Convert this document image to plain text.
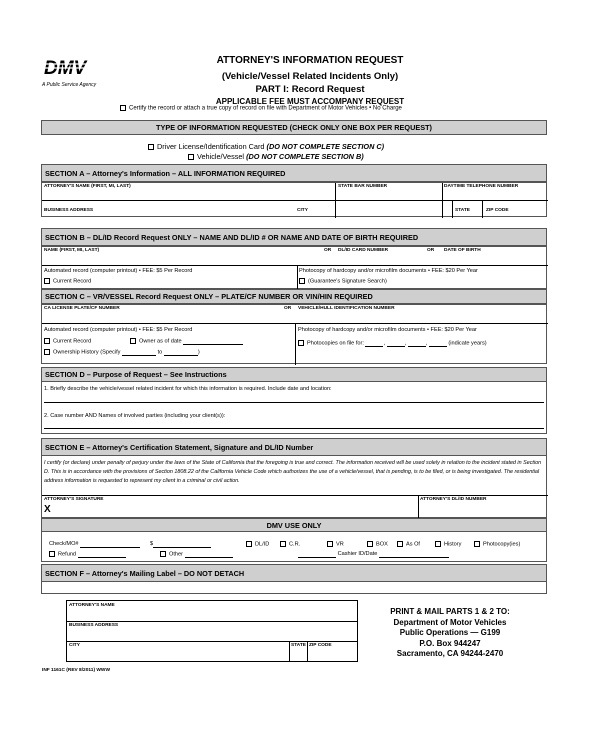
DMV
A Public Service Agency
ATTORNEY'S INFORMATION REQUEST
(Vehicle/Vessel Related Incidents Only)
PART I: Record Request
APPLICABLE FEE MUST ACCOMPANY REQUEST
Certify the record or attach a true copy of record on file with Department of Motor Vehicles • No Charge
TYPE OF INFORMATION REQUESTED (CHECK ONLY ONE BOX PER REQUEST)
Driver License/Identification Card (DO NOT COMPLETE SECTION C)
Vehicle/Vessel (DO NOT COMPLETE SECTION B)
SECTION A – Attorney's Information – ALL INFORMATION REQUIRED
ATTORNEY'S NAME (FIRST, MI, LAST)	STATE BAR NUMBER	DAYTIME TELEPHONE NUMBER
BUSINESS ADDRESS	CITY	STATE	ZIP CODE
SECTION B – DL/ID Record Request ONLY – NAME AND DL/ID # OR NAME AND DATE OF BIRTH REQUIRED
NAME (FIRST, MI, LAST)	OR DL/ID CARD NUMBER	OR DATE OF BIRTH
Automated record (computer printout) • FEE: $5 Per Record
Current Record
Photocopy of hardcopy and/or microfilm documents • FEE: $20 Per Year
(Guarantee's Signature Search)
SECTION C – VR/VESSEL Record Request ONLY – PLATE/CF NUMBER OR VIN/HIN REQUIRED
CA LICENSE PLATE/CF NUMBER	OR VEHICLE/HULL IDENTIFICATION NUMBER
Automated record (computer printout) • FEE: $5 Per Record
Current Record	Owner as of date
Ownership History (Specify	to	)
Photocopy of hardcopy and/or microfilm documents • FEE: $20 Per Year
Photocopies on file for:	,	,	,	(indicate years)
SECTION D – Purpose of Request – See Instructions
1. Briefly describe the vehicle/vessel related incident for which this information is required. Include date and location:
2. Case number AND Names of involved parties (including your client(s)):
SECTION E – Attorney's Certification Statement, Signature and DL/ID Number
I certify (or declare) under penalty of perjury under the laws of the State of California that the foregoing is true and correct. The information received will be used solely in relation to the incident stated in Section D. This is in accordance with the provisions of Section 1808.22 of the California Vehicle Code which authorizes the use of a vehicle/vessel, that is pending, is to be filed, or is being investigated. The residential address information is requested to represent my client in a criminal or civil action.
ATTORNEY'S SIGNATURE
X
ATTORNEY'S DL/ID NUMBER
DMV USE ONLY
Check/MO#
Refund
$
Other
DL/ID	C.R.	VR	BOX	As Of	History	Photocopy(ies)
Cashier ID/Date
SECTION F – Attorney's Mailing Label – DO NOT DETACH
ATTORNEY'S NAME
BUSINESS ADDRESS
CITY	STATE ZIP CODE
PRINT & MAIL PARTS 1 & 2 TO:
Department of Motor Vehicles
Public Operations — G199
P.O. Box 944247
Sacramento, CA 94244-2470
INF 1161C (REV 8/2011) WWW
